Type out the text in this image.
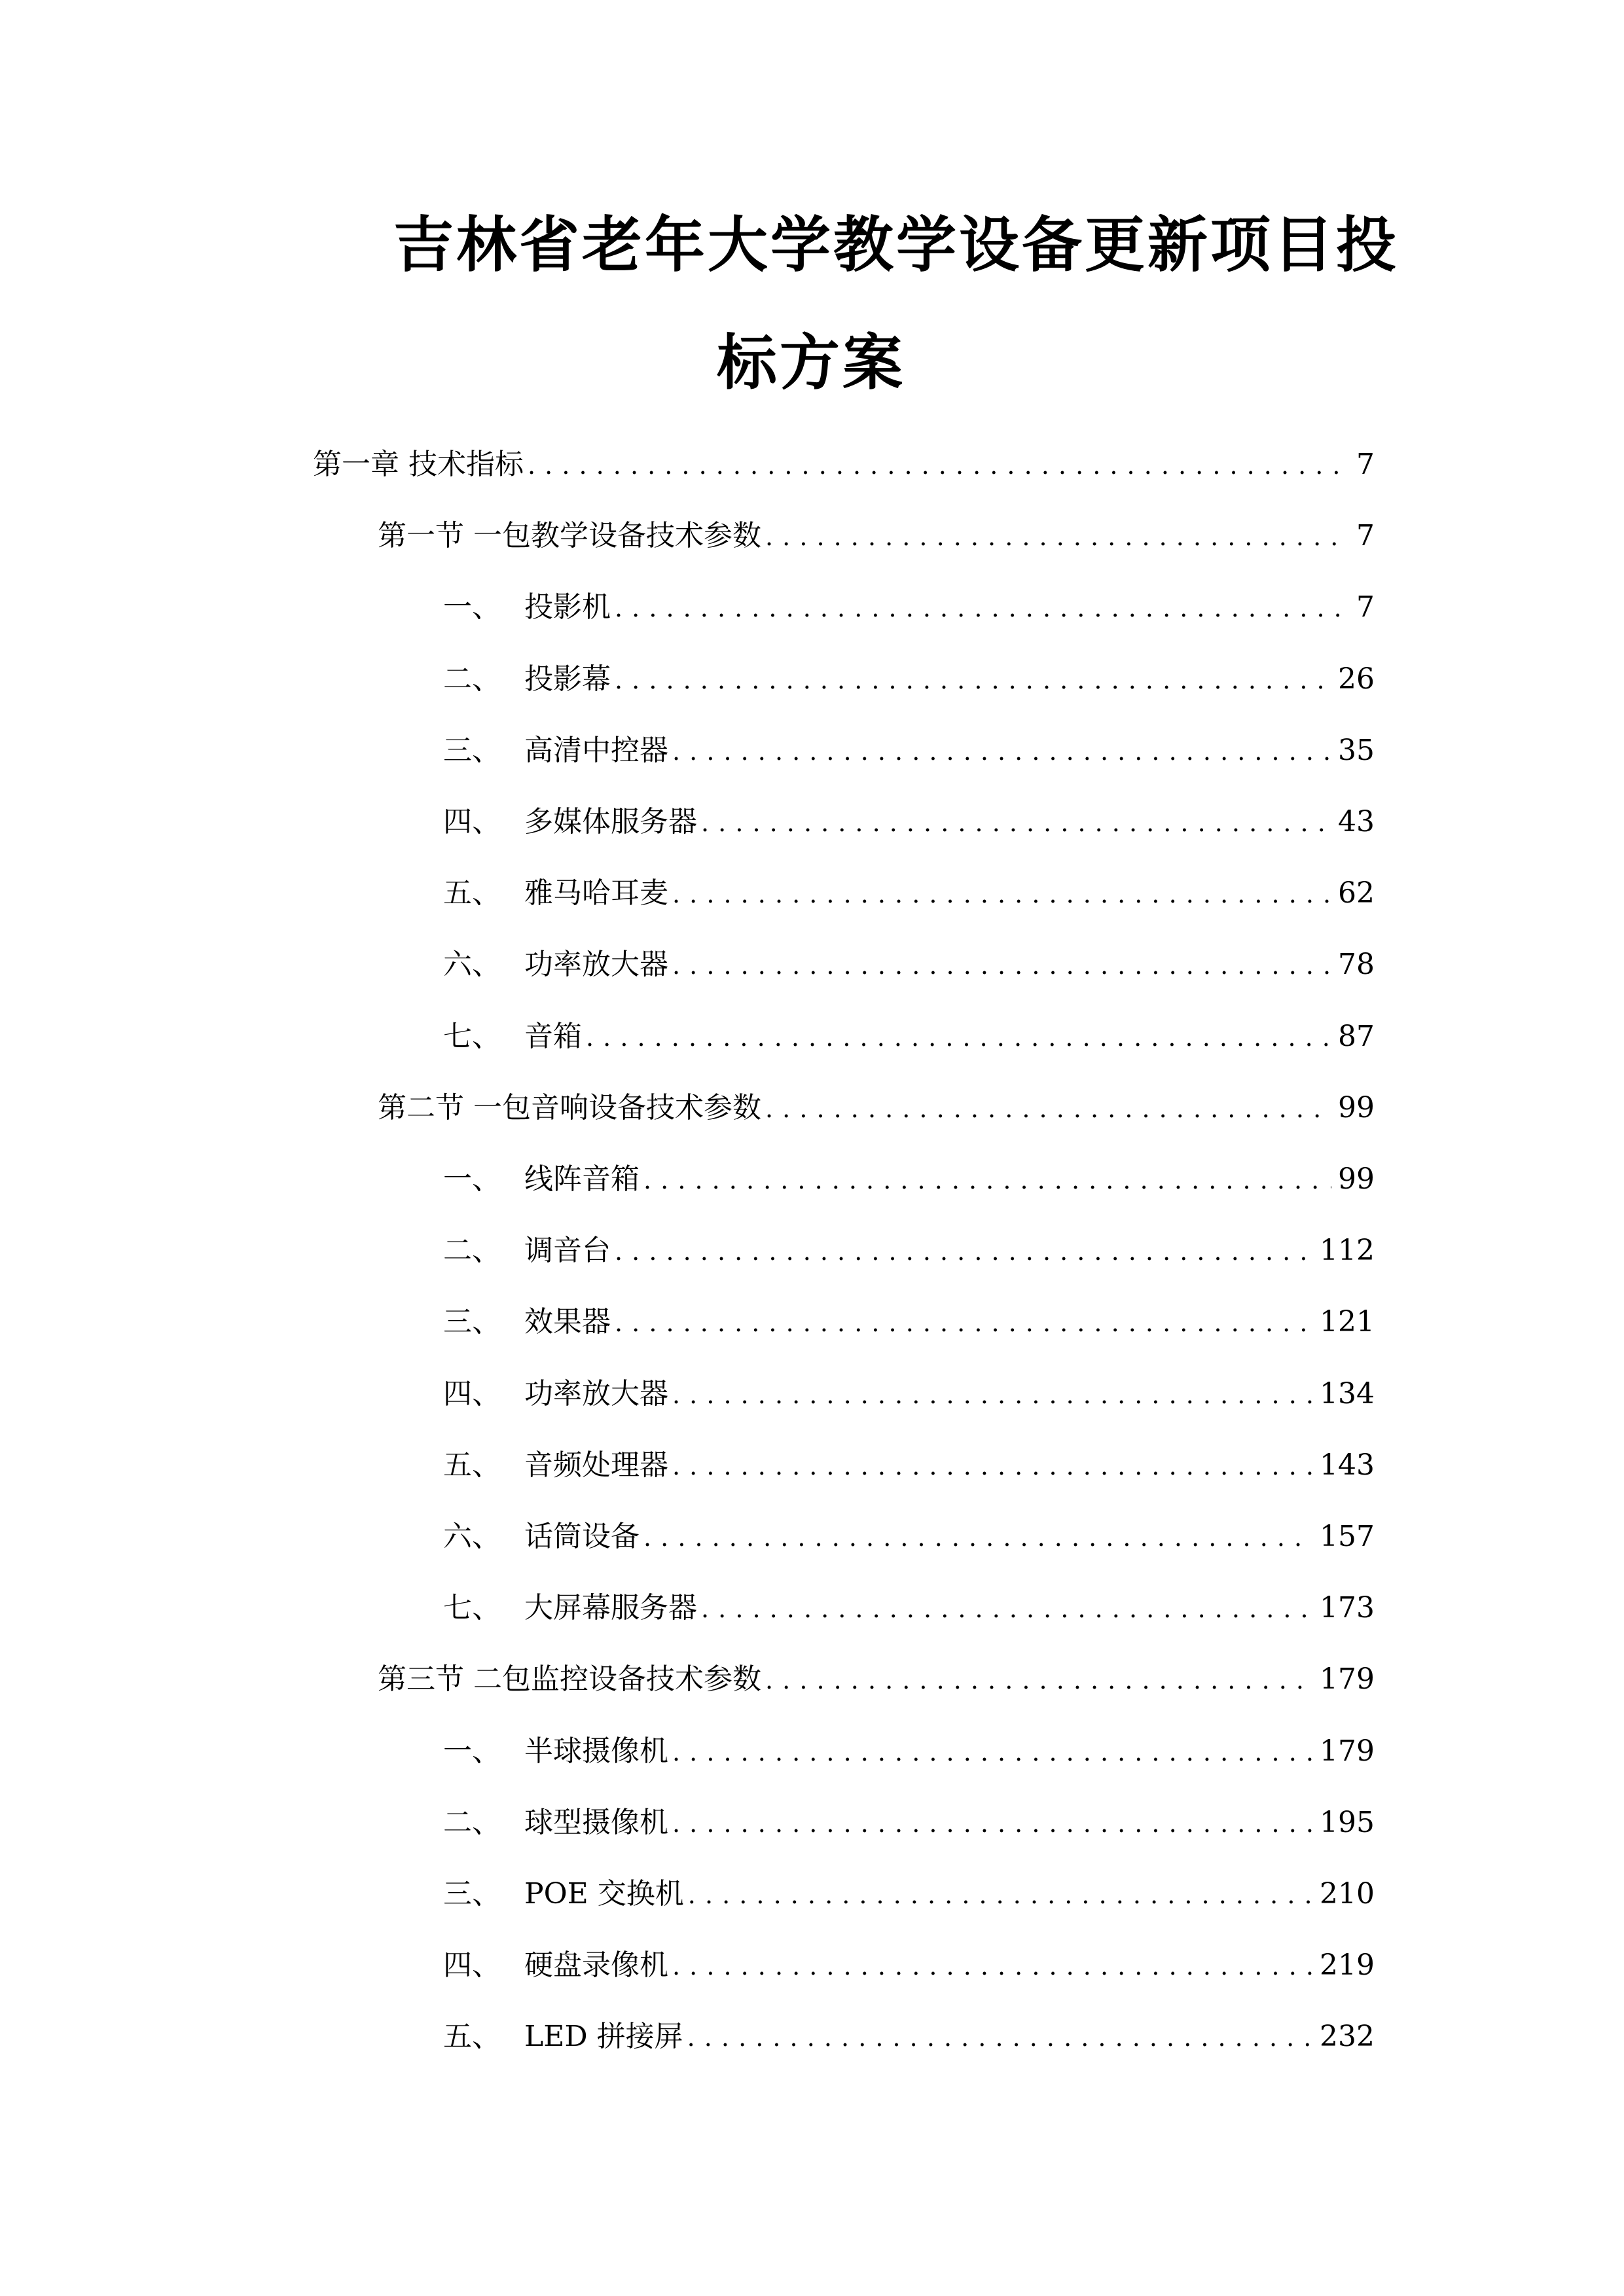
吉林省老年大学教学设备更新项目投
标方案
第一章 技术指标 . . .	7
第一节 一包教学设备技术参数 . . .	7
一、 投影机 . . .	7
二、 投影幕 . . .	26
三、 高清中控器 . . .	35
四、 多媒体服务器 . . .	43
五、 雅马哈耳麦 . . .	62
六、 功率放大器 . . .	78
七、 音箱 . . .	87
第二节 一包音响设备技术参数 . . .	99
一、 线阵音箱 . . .	99
二、 调音台 . . .	112
三、 效果器 . . .	121
四、 功率放大器 . . .	134
五、 音频处理器 . . .	143
六、 话筒设备 . . .	157
七、 大屏幕服务器 . . .	173
第三节 二包监控设备技术参数 . . .	179
一、 半球摄像机 . . .	179
二、 球型摄像机 . . .	195
三、 POE 交换机 . . .	210
四、 硬盘录像机 . . .	219
五、 LED 拼接屏 . . .	232
